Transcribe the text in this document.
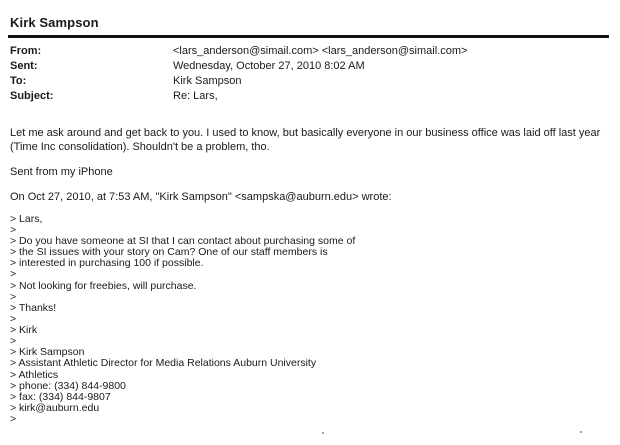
Kirk Sampson
From:	<lars_anderson@simail.com> <lars_anderson@simail.com>
Sent:	Wednesday, October 27, 2010 8:02 AM
To:	Kirk Sampson
Subject:	Re: Lars,
Let me ask around and get back to you. I used to know, but basically everyone in our business office was laid off last year
(Time Inc consolidation). Shouldn't be a problem, tho.
Sent from my iPhone
On Oct 27, 2010, at 7:53 AM, "Kirk Sampson" <sampska@auburn.edu> wrote:
> Lars,
>
> Do you have someone at SI that I can contact about purchasing some of
> the SI issues with your story on Cam? One of our staff members is
> interested in purchasing 100 if possible.
>
> Not looking for freebies, will purchase.
>
> Thanks!
>
> Kirk
>
> Kirk Sampson
> Assistant Athletic Director for Media Relations Auburn University
> Athletics
> phone: (334) 844-9800
> fax: (334) 844-9807
> kirk@auburn.edu
>
